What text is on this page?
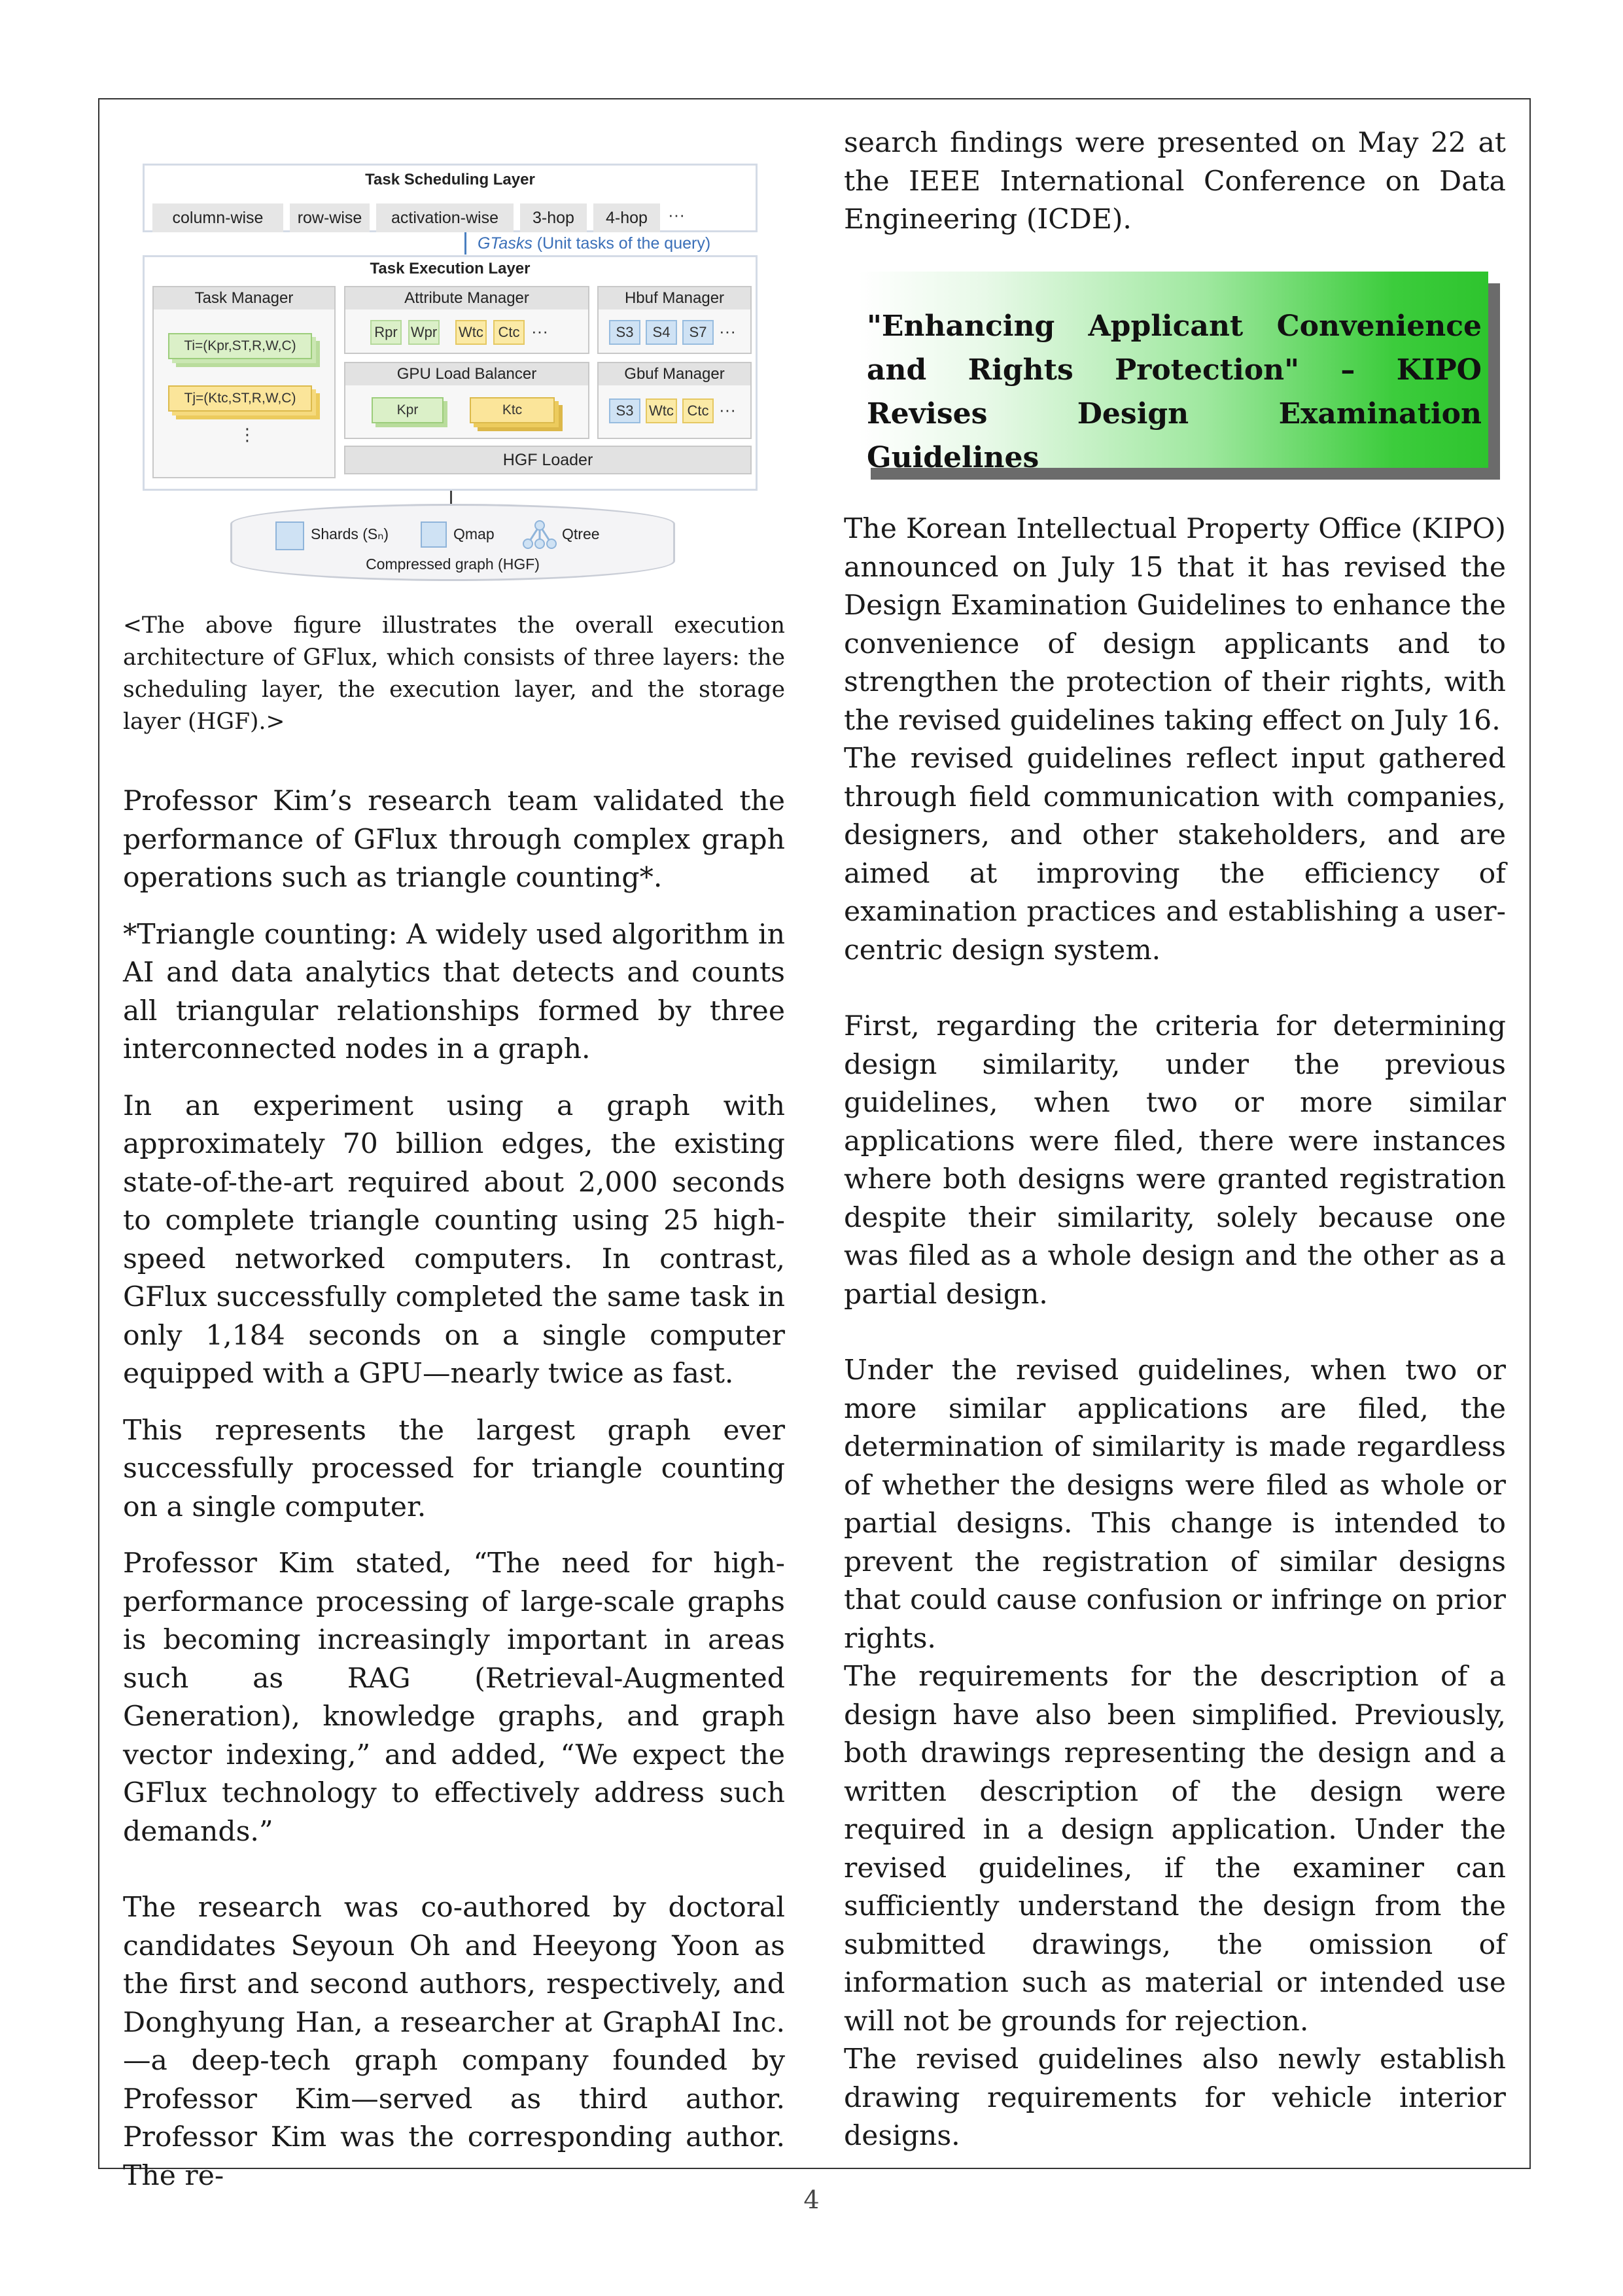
Task Scheduling Layer
column-wise	row-wise	activation-wise	3-hop	4-hop	···
GTasks (Unit tasks of the query)
Task Execution Layer
Task Manager
Ti=(Kpr,ST,R,W,C)
Tj=(Ktc,ST,R,W,C)
⋮
Attribute Manager
Rpr Wpr Wtc	Ctc ···
Hbuf Manager
S3	S4	S7 ···
GPU Load Balancer
Kpr	Ktc
Gbuf Manager
S3	Wtc Ctc ···
HGF Loader
Shards (Sₙ)	Qmap	Qtree
Compressed graph (HGF)
<The above figure illustrates the overall execution architecture of GFlux, which consists of three layers: the scheduling layer, the execution layer, and the storage layer (HGF).>

Professor Kim’s research team validated the performance of GFlux through complex graph operations such as triangle counting*.

*Triangle counting: A widely used algorithm in AI and data analytics that detects and counts all triangular relationships formed by three interconnected nodes in a graph.

In an experiment using a graph with approximately 70 billion edges, the existing state-of-the-art required about 2,000 seconds to complete triangle counting using 25 high-speed networked computers. In contrast, GFlux successfully completed the same task in only 1,184 seconds on a single computer equipped with a GPU—nearly twice as fast.

This represents the largest graph ever successfully processed for triangle counting on a single computer.

Professor Kim stated, “The need for high-performance processing of large-scale graphs is becoming increasingly important in areas such as RAG (Retrieval-Augmented Generation), knowledge graphs, and graph vector indexing,” and added, “We expect the GFlux technology to effectively address such demands.”

The research was co-authored by doctoral candidates Seyoun Oh and Heeyong Yoon as the first and second authors, respectively, and Donghyung Han, a researcher at GraphAI Inc. —a deep-tech graph company founded by Professor Kim—served as third author. Professor Kim was the corresponding author. The re-

search findings were presented on May 22 at the IEEE International Conference on Data Engineering (ICDE).

"Enhancing Applicant Convenience and Rights Protection" – KIPO Revises Design Examination Guidelines

The Korean Intellectual Property Office (KIPO) announced on July 15 that it has revised the Design Examination Guidelines to enhance the convenience of design applicants and to strengthen the protection of their rights, with the revised guidelines taking effect on July 16.

The revised guidelines reflect input gathered through field communication with companies, designers, and other stakeholders, and are aimed at improving the efficiency of examination practices and establishing a user-centric design system.

First, regarding the criteria for determining design similarity, under the previous guidelines, when two or more similar applications were filed, there were instances where both designs were granted registration despite their similarity, solely because one was filed as a whole design and the other as a partial design.

Under the revised guidelines, when two or more similar applications are filed, the determination of similarity is made regardless of whether the designs were filed as whole or partial designs. This change is intended to prevent the registration of similar designs that could cause confusion or infringe on prior rights.

The requirements for the description of a design have also been simplified. Previously, both drawings representing the design and a written description of the design were required in a design application. Under the revised guidelines, if the examiner can sufficiently understand the design from the submitted drawings, the omission of information such as material or intended use will not be grounds for rejection.

The revised guidelines also newly establish drawing requirements for vehicle interior designs.

4
